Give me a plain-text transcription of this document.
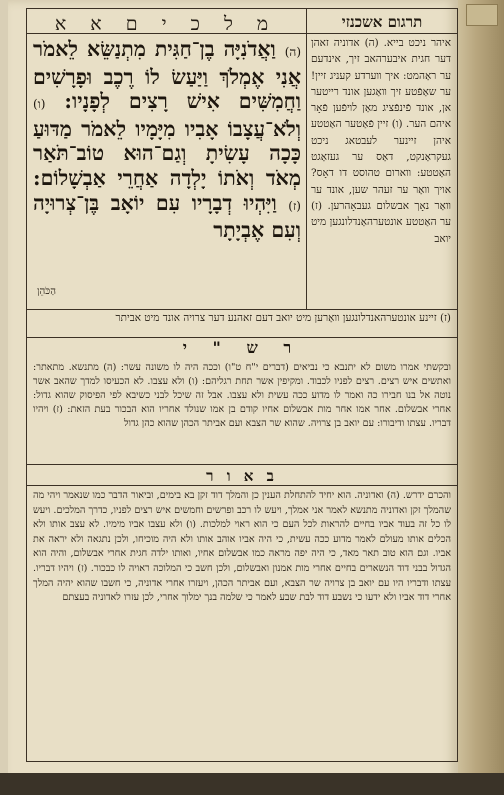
מ ל כ י ם א א	תרגום אשכנזי
(ה) וַאֲדֹנִיָּה בֶן־חַגִּית מִתְנַשֵּׂא לֵאמֹר אֲנִי אֶמְלֹךְ וַיַּעַשׂ לוֹ רֶכֶב וּפָרָשִׁים וַחֲמִשִּׁים אִישׁ רָצִים לְפָנָיו: (ו) וְלֹא־עֲצָבוֹ אָבִיו מִיָּמָיו לֵאמֹר מַדּוּעַ כָּכָה עָשִׂיתָ וְגַם־הוּא טוֹב־תֹּאַר מְאֹד וְאֹתוֹ יָלְדָה אַחֲרֵי אַבְשָׁלוֹם: (ז) וַיִּהְיוּ דְבָרָיו עִם יוֹאָב בֶּן־צְרוּיָה וְעִם אֶבְיָתָר
הַכֹּהֵן
איהר ניכט בייא. (ה) אדוניה זאהן דער חגית איבערהאב זיך, אינדעם ער ראַהמט: איך װערדע קעניג זיין! ער שאַפֿטע זיך װאַגען אונד רייטער אן, אונד פֿינפֿציג מאַן לױפֿען פֿאָר איהם הער. (ו) זיין פֿאַטער האַטטע איהן זיינער לעבטאג ניכט געקראַנקט, דאַס ער געזאַגט האַטטע: װארום טהוסט דו דאָס? אויך װאַר ער זעהר שען, אונד ער װאַר נאָך אבשלום געבאָהרען. (ז) ער האַטטע אונטערהאַנדלונגען מיט יואב
(ז) זיינע אונטערהאנדלונגען װאַרען מיט יואב דעם זאהנע דער צרויה אונד מיט אביתר
ר ש " י
ובקשתי אמרו משום לא יתנבא כי נביאים (דברים י"ח ט"ו) וככה היה לו משונה עשר: (ה) מתנשא. מתאתר: ואתשים איש רצים. רצים לפניו לכבוד. ומקיפין אשר תחת רגליהם: (ו) ולא עצבו. לא הכעיסו למדך שהאב אשר נוטה אל בנו חבירו כה ואמר לו מדוע ככה עשית ולא עצבו. אבל זה שיכל לבני כשיבא לפי הפיסוק שהוא גדול: אחרי אבשלום. אחר אמו אחר מות אבשלום אחיו קודם בן אמו שנולד אחריו הוא הבכור בעת הזאת: (ז) ויהיו דבריו. עצתו ודיבורו: עם יואב בן צרויה. שהוא שר הצבא ועם אביתר הכהן שהוא כהן גדול
ב א ו ר
והכרם ידרש. (ה) ואדוניה. הוא יחיד להתחלת הענין כן והמלך דוד זקן בא בימים, וביאור הדבר כמו שנאמר ויהי מה שהמלך זקן ואדוניה מתנשא לאמר אני אמלך, ויעש לו רכב ופרשים וחמשים איש רצים לפניו, כדרך המלכים. ויעש לו כל זה בעוד אביו בחיים להראות לכל העם כי הוא ראוי למלכות. (ו) ולא עצבו אביו מימיו. לא עצב אותו ולא הכלים אותו מעולם לאמר מדוע ככה עשית, כי היה אביו אוהב אותו ולא היה מוכיחו, ולכן נתגאה ולא יראה את אביו. וגם הוא טוב תאר מאד, כי היה יפה מראה כמו אבשלום אחיו, ואותו ילדה חגית אחרי אבשלום, והיה הוא הגדול בבני דוד הנשארים בחיים אחרי מות אמנון ואבשלום, ולכן חשב כי המלוכה ראויה לו כבכור. (ז) ויהיו דבריו. עצתו ודבריו היו עם יואב בן צרויה שר הצבא, ועם אביתר הכהן, ויעזרו אחרי אדוניה, כי חשבו שהוא יהיה המלך אחרי דוד אביו ולא ידעו כי נשבע דוד לבת שבע לאמר כי שלמה בנך ימלוך אחרי, לכן עזרו לאדוניה בעצתם
